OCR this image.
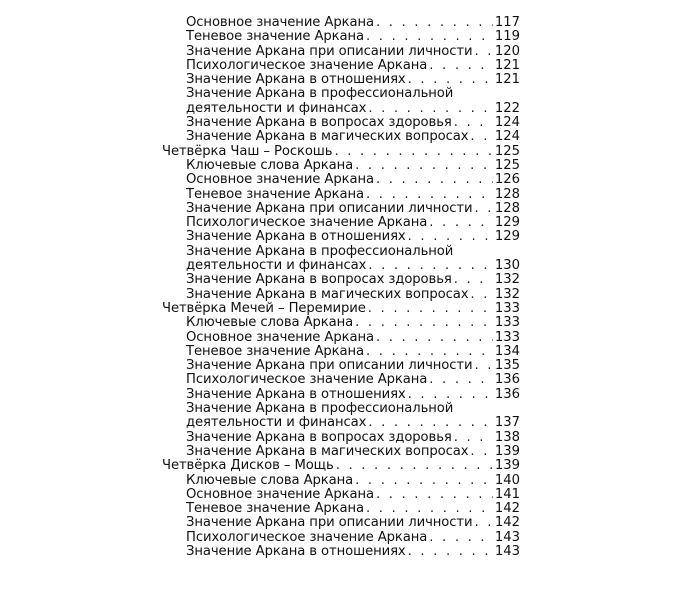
Основное значение Аркана . . .	117
Теневое значение Аркана . . .	119
Значение Аркана при описании личности . . . 120
Психологическое значение Аркана . . .	121
Значение Аркана в отношениях . . .	121
Значение Аркана в профессиональной
деятельности и финансах . . .	122
Значение Аркана в вопросах здоровья . . .	124
Значение Аркана в магических вопросах . . . 124
Четвёрка Чаш – Роскошь . . .	125
Ключевые слова Аркана . . .	125
Основное значение Аркана . . .	126
Теневое значение Аркана . . .	128
Значение Аркана при описании личности . . . 128
Психологическое значение Аркана . . .	129
Значение Аркана в отношениях . . .	129
Значение Аркана в профессиональной
деятельности и финансах . . .	130
Значение Аркана в вопросах здоровья . . .	132
Значение Аркана в магических вопросах . . . 132
Четвёрка Мечей – Перемирие . . .	133
Ключевые слова Аркана . . .	133
Основное значение Аркана . . .	133
Теневое значение Аркана . . .	134
Значение Аркана при описании личности . . . 135
Психологическое значение Аркана . . .	136
Значение Аркана в отношениях . . .	136
Значение Аркана в профессиональной
деятельности и финансах . . .	137
Значение Аркана в вопросах здоровья . . .	138
Значение Аркана в магических вопросах . . . 139
Четвёрка Дисков – Мощь . . .	139
Ключевые слова Аркана . . .	140
Основное значение Аркана . . .	141
Теневое значение Аркана . . .	142
Значение Аркана при описании личности . . . 142
Психологическое значение Аркана . . .	143
Значение Аркана в отношениях . . .	143
